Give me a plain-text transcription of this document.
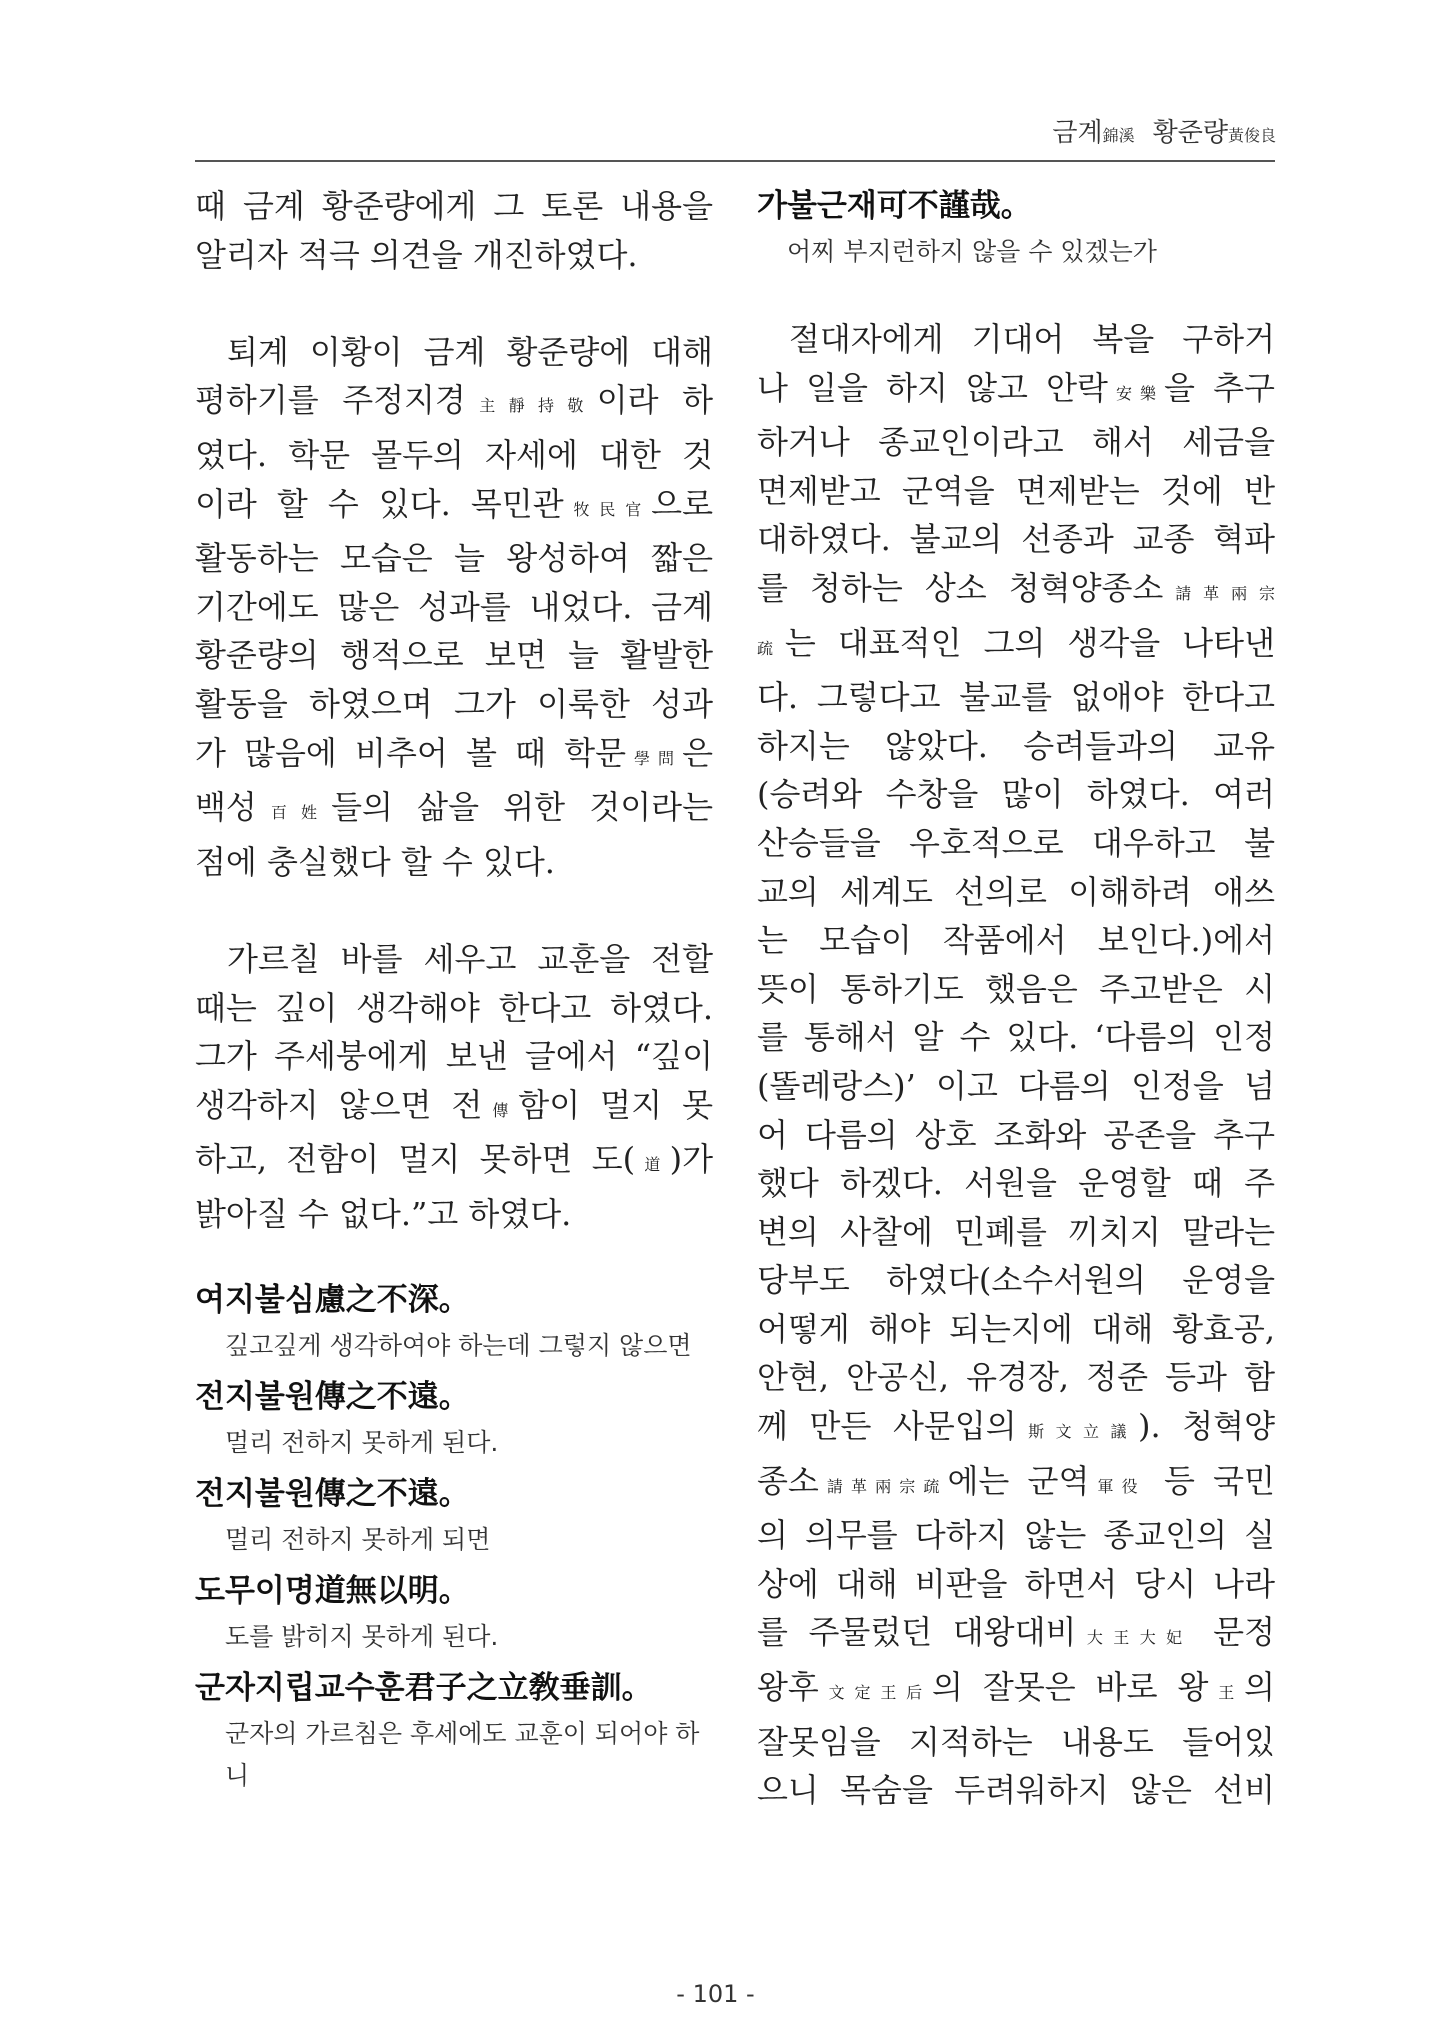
금계錦溪 황준량黃俊良

때 금계 황준량에게 그 토론 내용을

알리자 적극 의견을 개진하였다.

퇴계 이황이 금계 황준량에 대해

평하기를 주정지경主靜持敬이라 하

였다. 학문 몰두의 자세에 대한 것

이라 할 수 있다. 목민관牧民官으로

활동하는 모습은 늘 왕성하여 짧은

기간에도 많은 성과를 내었다. 금계

황준량의 행적으로 보면 늘 활발한

활동을 하였으며 그가 이룩한 성과

가 많음에 비추어 볼 때 학문學問은

백성百姓들의 삶을 위한 것이라는

점에 충실했다 할 수 있다.

가르칠 바를 세우고 교훈을 전할

때는 깊이 생각해야 한다고 하였다.

그가 주세붕에게 보낸 글에서 “깊이

생각하지 않으면 전傳함이 멀지 못

하고, 전함이 멀지 못하면 도(道)가

밝아질 수 없다.”고 하였다.

여지불심慮之不深。
깊고깊게 생각하여야 하는데 그렇지 않으면
전지불원傳之不遠。
멀리 전하지 못하게 된다.
전지불원傳之不遠。
멀리 전하지 못하게 되면
도무이명道無以明。
도를 밝히지 못하게 된다.
군자지립교수훈君子之立敎垂訓。
군자의 가르침은 후세에도 교훈이 되어야 하니
가불근재可不謹哉。
어찌 부지런하지 않을 수 있겠는가

절대자에게 기대어 복을 구하거

나 일을 하지 않고 안락安樂을 추구

하거나 종교인이라고 해서 세금을

면제받고 군역을 면제받는 것에 반

대하였다. 불교의 선종과 교종 혁파

를 청하는 상소 청혁양종소請革兩宗

疏는 대표적인 그의 생각을 나타낸

다. 그렇다고 불교를 없애야 한다고

하지는 않았다. 승려들과의 교유

(승려와 수창을 많이 하였다. 여러

산승들을 우호적으로 대우하고 불

교의 세계도 선의로 이해하려 애쓰

는 모습이 작품에서 보인다.)에서

뜻이 통하기도 했음은 주고받은 시

를 통해서 알 수 있다. ‘다름의 인정

(똘레랑스)’ 이고 다름의 인정을 넘

어 다름의 상호 조화와 공존을 추구

했다 하겠다. 서원을 운영할 때 주

변의 사찰에 민폐를 끼치지 말라는

당부도 하였다(소수서원의 운영을

어떻게 해야 되는지에 대해 황효공,

안현, 안공신, 유경장, 정준 등과 함

께 만든 사문입의斯文立議). 청혁양

종소請革兩宗疏에는 군역軍役 등 국민

의 의무를 다하지 않는 종교인의 실

상에 대해 비판을 하면서 당시 나라

를 주물렀던 대왕대비大王大妃 문정

왕후文定王后의 잘못은 바로 왕王의

잘못임을 지적하는 내용도 들어있

으니 목숨을 두려워하지 않은 선비

- 101 -
